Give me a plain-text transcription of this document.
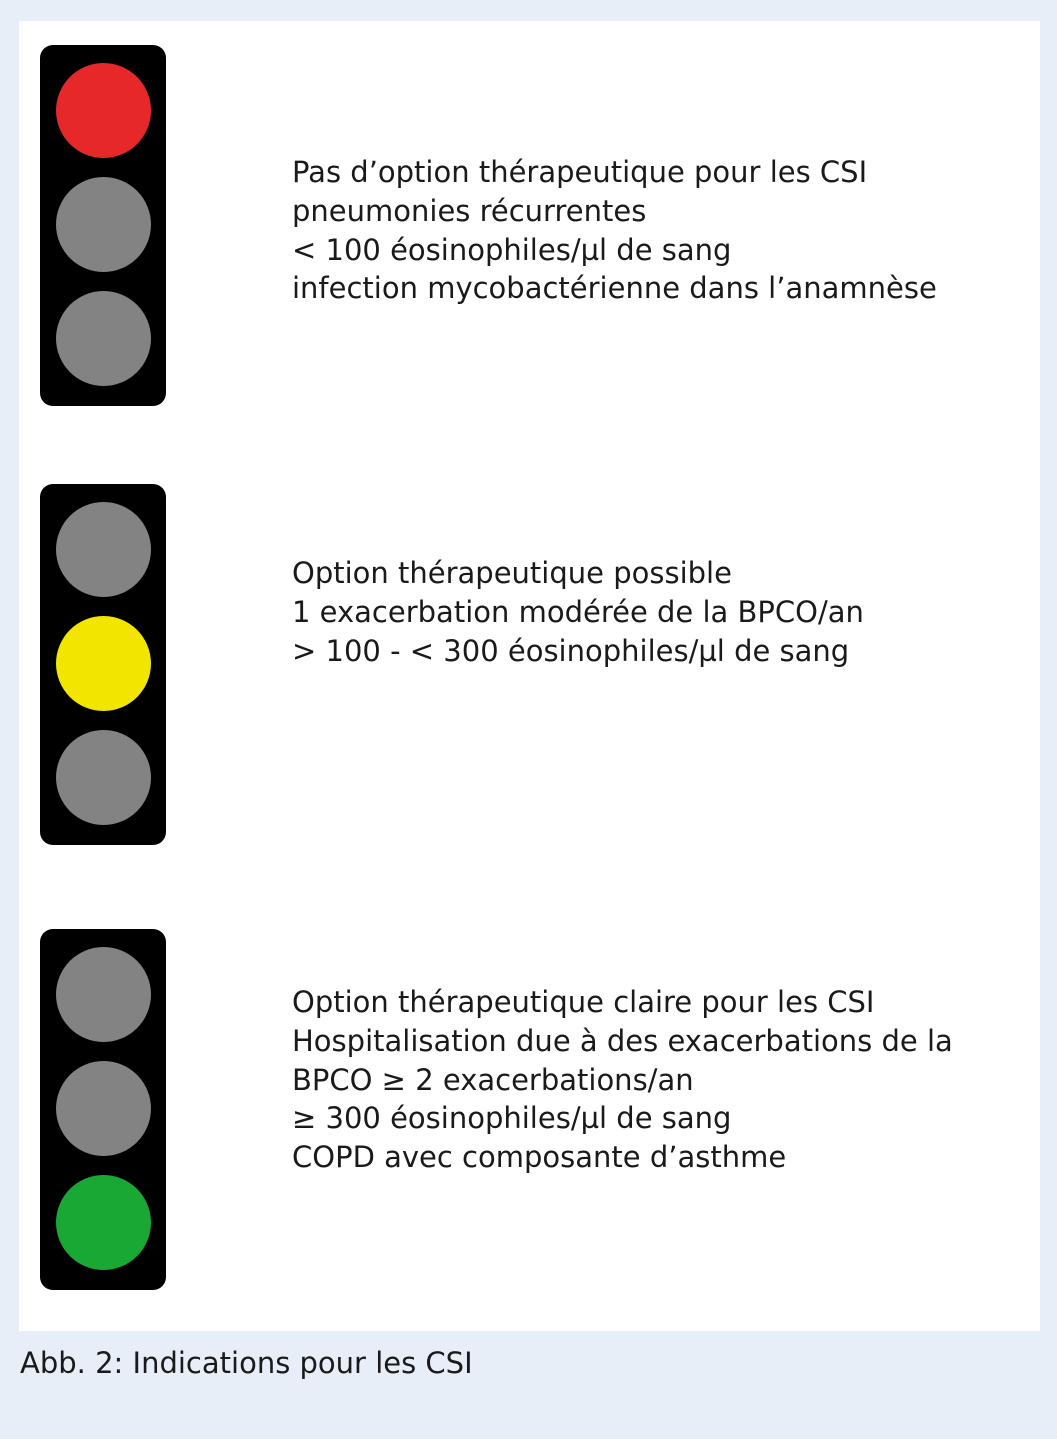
Pas d’option thérapeutique pour les CSI
pneumonies récurrentes
< 100 éosinophiles/µl de sang
infection mycobactérienne dans l’anamnèse

Option thérapeutique possible
1 exacerbation modérée de la BPCO/an
> 100 - < 300 éosinophiles/µl de sang

Option thérapeutique claire pour les CSI
Hospitalisation due à des exacerbations de la
BPCO ≥ 2 exacerbations/an
≥ 300 éosinophiles/µl de sang
COPD avec composante d’asthme

Abb. 2: Indications pour les CSI
